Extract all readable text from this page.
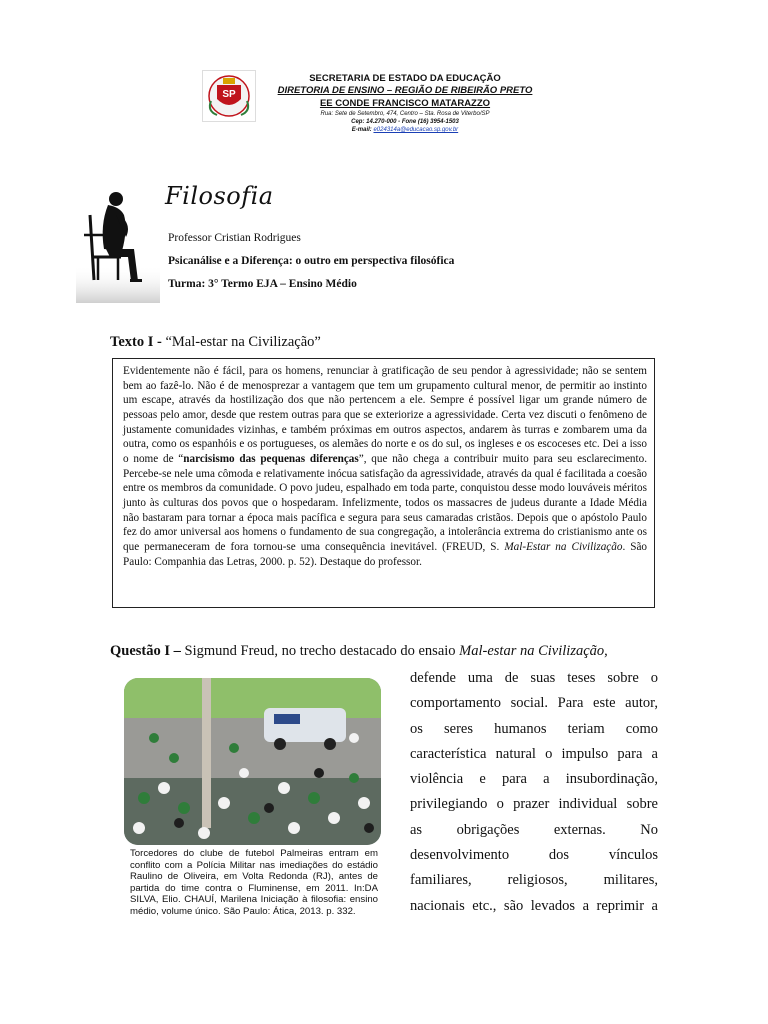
SP
SECRETARIA DE ESTADO DA EDUCAÇÃO
DIRETORIA DE ENSINO – REGIÃO DE RIBEIRÃO PRETO
EE CONDE FRANCISCO MATARAZZO
Rua: Sete de Setembro, 474, Centro – Sta. Rosa de Viterbo/SP
Cep: 14.270-000 - Fone (16) 3954-1503
E-mail: e024314a@educacao.sp.gov.br
Filosofia
Professor Cristian Rodrigues
Psicanálise e a Diferença: o outro em perspectiva filosófica
Turma: 3° Termo EJA – Ensino Médio
Texto I - “Mal-estar na Civilização”

Evidentemente não é fácil, para os homens, renunciar à gratificação de seu pendor à agressividade; não se sentem bem ao fazê-lo. Não é de menosprezar a vantagem que tem um grupamento cultural menor, de permitir ao instinto um escape, através da hostilização dos que não pertencem a ele. Sempre é possível ligar um grande número de pessoas pelo amor, desde que restem outras para que se exteriorize a agressividade. Certa vez discuti o fenômeno de justamente comunidades vizinhas, e também próximas em outros aspectos, andarem às turras e zombarem uma da outra, como os espanhóis e os portugueses, os alemães do norte e os do sul, os ingleses e os escoceses etc. Dei a isso o nome de “narcisismo das pequenas diferenças”, que não chega a contribuir muito para seu esclarecimento. Percebe-se nele uma cômoda e relativamente inócua satisfação da agressividade, através da qual é facilitada a coesão entre os membros da comunidade. O povo judeu, espalhado em toda parte, conquistou desse modo louváveis méritos junto às culturas dos povos que o hospedaram. Infelizmente, todos os massacres de judeus durante a Idade Média não bastaram para tornar a época mais pacífica e segura para seus camaradas cristãos. Depois que o apóstolo Paulo fez do amor universal aos homens o fundamento de sua congregação, a intolerância extrema do cristianismo ante os que permaneceram de fora tornou-se uma consequência inevitável. (FREUD, S. Mal-Estar na Civilização. São Paulo: Companhia das Letras, 2000. p. 52). Destaque do professor.

Questão I – Sigmund Freud, no trecho destacado do ensaio Mal-estar na Civilização,
defende uma de suas teses sobre o
comportamento social. Para este autor,
os seres humanos teriam como
característica natural o impulso para a
violência e para a insubordinação,
privilegiando o prazer individual sobre
as obrigações externas. No
desenvolvimento dos vínculos
familiares, religiosos, militares,
nacionais etc., são levados a reprimir a
Torcedores do clube de futebol Palmeiras entram em conflito com a Polícia Militar nas imediações do estádio Raulino de Oliveira, em Volta Redonda (RJ), antes de partida do time contra o Fluminense, em 2011. In:DA SILVA, Elio. CHAUÍ, Marilena Iniciação à filosofia: ensino médio, volume único. São Paulo: Ática, 2013. p. 332.
